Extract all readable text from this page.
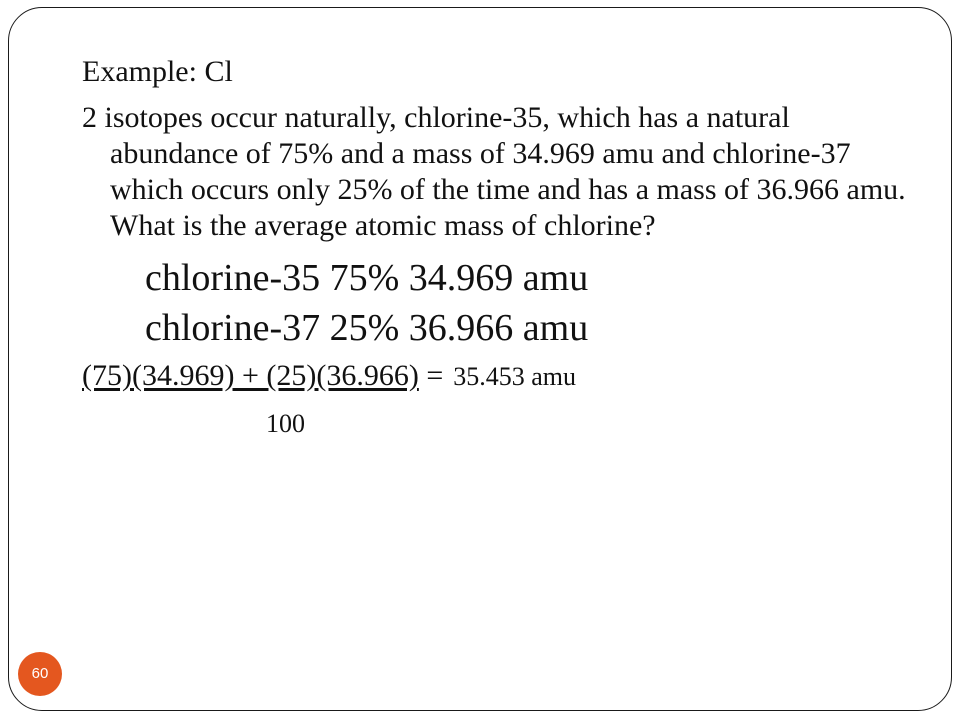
Example: Cl
2 isotopes occur naturally, chlorine-35, which has a natural abundance of 75% and a mass of 34.969 amu and chlorine-37 which occurs only 25% of the time and has a mass of 36.966 amu. What is the average atomic mass of chlorine?
chlorine-35 75% 34.969 amu
chlorine-37 25% 36.966 amu
(75)(34.969) + (25)(36.966) = 35.453 amu
100
60
